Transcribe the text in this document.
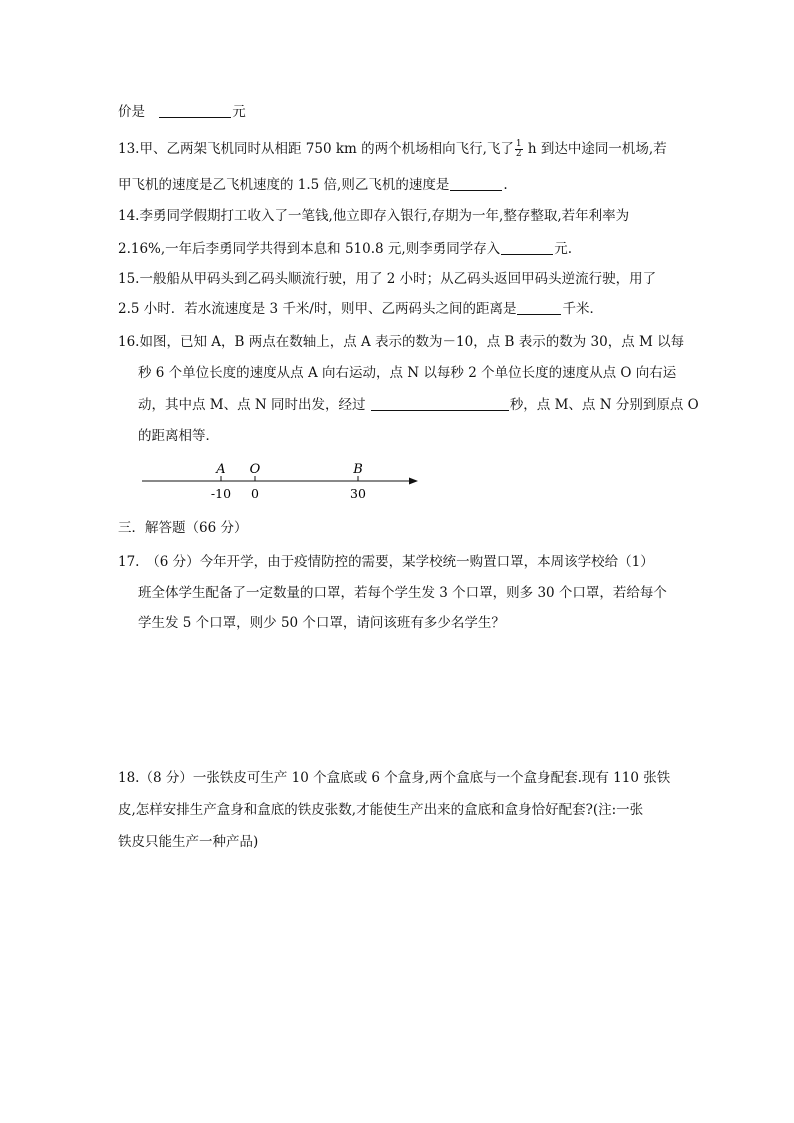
价是	元
13.甲、乙两架飞机同时从相距 750 km 的两个机场相向飞行,飞了 $\frac{1}{2}$ h 到达中途同一机场,若
甲飞机的速度是乙飞机速度的 1.5 倍,则乙飞机的速度是	.
14.李勇同学假期打工收入了一笔钱,他立即存入银行,存期为一年,整存整取,若年利率为
2.16%,一年后李勇同学共得到本息和 510.8 元,则李勇同学存入	元.
15.一般船从甲码头到乙码头顺流行驶，用了 2 小时；从乙码头返回甲码头逆流行驶，用了
2.5 小时．若水流速度是 3 千米/时，则甲、乙两码头之间的距离是	千米．
16.如图，已知 A，B 两点在数轴上，点 A 表示的数为－10，点 B 表示的数为 30，点 M 以每
秒 6 个单位长度的速度从点 A 向右运动，点 N 以每秒 2 个单位长度的速度从点 O 向右运
动，其中点 M、点 N 同时出发，经过	秒，点 M、点 N 分别到原点 O
的距离相等．
A O	B
-10 0	30
三．解答题（66 分）
17.　（6 分）今年开学，由于疫情防控的需要，某学校统一购置口罩，本周该学校给（1）
班全体学生配备了一定数量的口罩，若每个学生发 3 个口罩，则多 30 个口罩，若给每个
学生发 5 个口罩，则少 50 个口罩，请问该班有多少名学生？
18.（8 分）一张铁皮可生产 10 个盒底或 6 个盒身,两个盒底与一个盒身配套.现有 110 张铁
皮,怎样安排生产盒身和盒底的铁皮张数,才能使生产出来的盒底和盒身恰好配套?(注:一张
铁皮只能生产一种产品)
